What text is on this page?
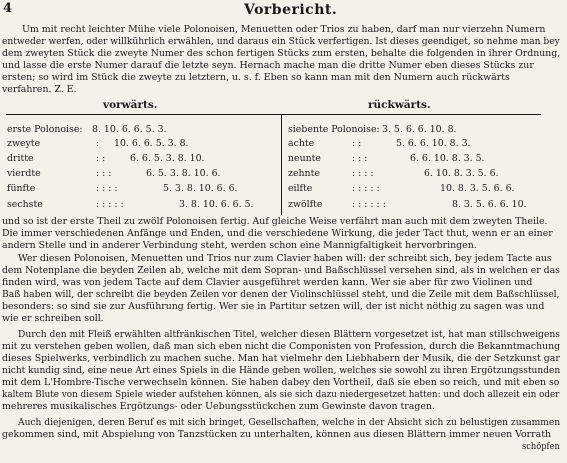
4	Vorbericht.
Um mit recht leichter Mühe viele Polonoisen, Menuetten oder Trios zu haben, darf man nur vierzehn Numern
entweder werfen, oder willkührlich erwählen, und daraus ein Stück verfertigen. Ist dieses geendiget, so nehme man bey
dem zweyten Stück die zweyte Numer des schon fertigen Stücks zum ersten, behalte die folgenden in ihrer Ordnung,
und lasse die erste Numer darauf die letzte seyn. Hernach mache man die dritte Numer eben dieses Stücks zur
ersten; so wird im Stück die zweyte zu letztern, u. s. f. Eben so kann man mit den Numern auch rückwärts
verfahren. Z. E.
vorwärts.	rückwärts.
erste Polonoise: 8. 10. 6. 6. 5. 3.
zweyte	: 10. 6. 6. 5. 3. 8.
dritte	: :	6. 6. 5. 3. 8. 10.
vierdte	: : :	6. 5. 3. 8. 10. 6.
fünfte	: : : :	5. 3. 8. 10. 6. 6.
sechste	: : : : :	3. 8. 10. 6. 6. 5.
siebente Polonoise: 3. 5. 6. 6. 10. 8.
achte	: :	5. 6. 6. 10. 8. 3.
neunte	: : :	6. 6. 10. 8. 3. 5.
zehnte	: : : :	6. 10. 8. 3. 5. 6.
eilfte	: : : : :	10. 8. 3. 5. 6. 6.
zwölfte	: : : : : :	8. 3. 5. 6. 6. 10.
und so ist der erste Theil zu zwölf Polonoisen fertig. Auf gleiche Weise verfährt man auch mit dem zweyten Theile.
Die immer verschiedenen Anfänge und Enden, und die verschiedene Wirkung, die jeder Tact thut, wenn er an einer
andern Stelle und in anderer Verbindung steht, werden schon eine Mannigfaltigkeit hervorbringen.
Wer diesen Polonoisen, Menuetten und Trios nur zum Clavier haben will: der schreibt sich, bey jedem Tacte aus
dem Notenplane die beyden Zeilen ab, welche mit dem Sopran- und Baßschlüssel versehen sind, als in welchen er das
finden wird, was von jedem Tacte auf dem Clavier ausgeführet werden kann. Wer sie aber für zwo Violinen und
Baß haben will, der schreibt die beyden Zeilen vor denen der Violinschlüssel steht, und die Zeile mit dem Baßschlüssel,
besonders: so sind sie zur Ausführung fertig. Wer sie in Partitur setzen will, der ist nicht nöthig zu sagen was und
wie er schreiben soll.
Durch den mit Fleiß erwählten altfränkischen Titel, welcher diesen Blättern vorgesetzet ist, hat man stillschweigens
mit zu verstehen geben wollen, daß man sich eben nicht die Componisten von Profession, durch die Bekanntmachung
dieses Spielwerks, verbindlich zu machen suche. Man hat vielmehr den Liebhabern der Musik, die der Setzkunst gar
nicht kundig sind, eine neue Art eines Spiels in die Hände geben wollen, welches sie sowohl zu ihren Ergötzungsstunden
mit dem L'Hombre-Tische verwechseln können. Sie haben dabey den Vortheil, daß sie eben so reich, und mit eben so
kaltem Blute von diesem Spiele wieder aufstehen können, als sie sich dazu niedergesetzet hatten: und doch allezeit ein oder
mehreres musikalisches Ergötzungs- oder Uebungsstückchen zum Gewinste davon tragen.
Auch diejenigen, deren Beruf es mit sich bringet, Gesellschaften, welche in der Absicht sich zu belustigen zusammen
gekommen sind, mit Abspielung von Tanzstücken zu unterhalten, können aus diesen Blättern immer neuen Vorrath
schöpfen
